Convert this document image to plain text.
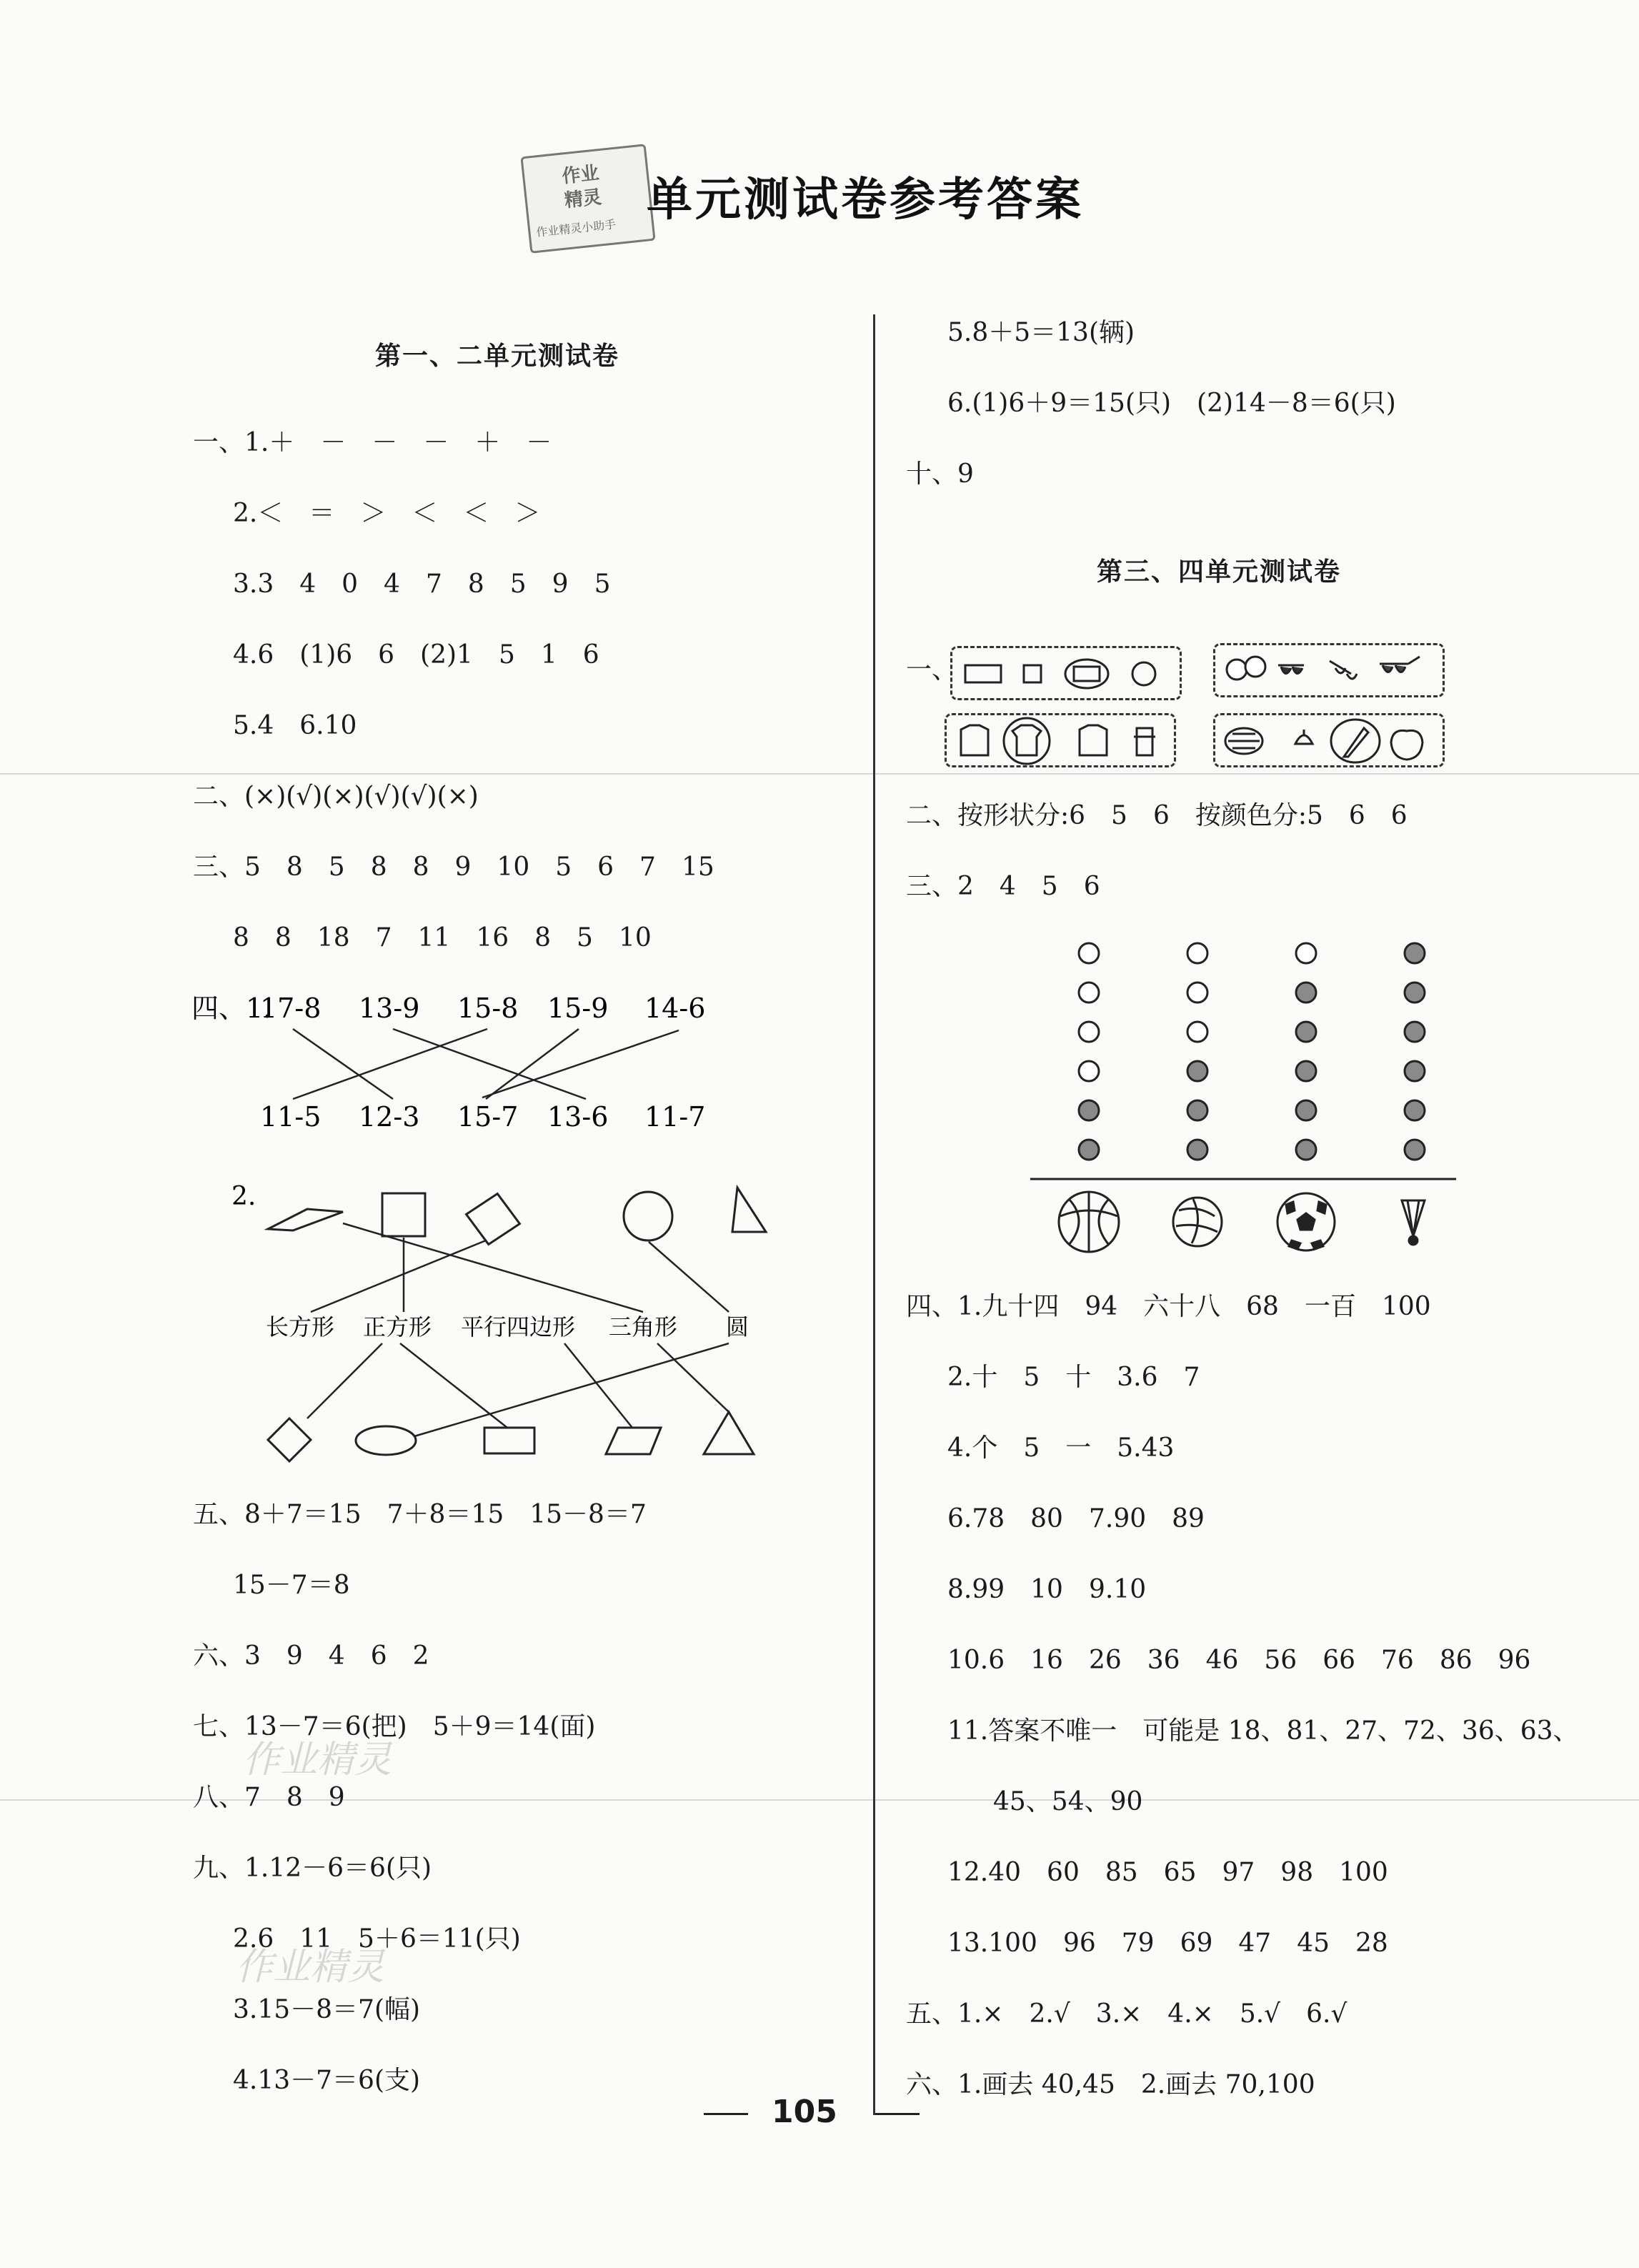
作业
精灵
作业精灵小助手
单元测试卷参考答案
第一、二单元测试卷
一、1.＋　－　－　－　＋　－
2.＜　＝　＞　＜　＜　＞
3.3　4　0　4　7　8　5　9　5
4.6　(1)6　6　(2)1　5　1　6
5.4　6.10
二、(×)(√)(×)(√)(√)(×)
三、5　8　5　8　8　9　10　5　6　7　15
8　8　18　7　11　16　8　5　10
四、1.
17-8 13-9 15-8 15-9 14-6
11-5 12-3 15-7 13-6 11-7
2.
长方形 正方形 平行四边形 三角形 圆
五、8＋7＝15　7＋8＝15　15－8＝7
15－7＝8
六、3　9　4　6　2
七、13－7＝6(把)　5＋9＝14(面)
八、7　8　9
九、1.12－6＝6(只)
2.6　11　5＋6＝11(只)
3.15－8＝7(幅)
4.13－7＝6(支)
作业精灵
作业精灵
5.8＋5＝13(辆)
6.(1)6＋9＝15(只)　(2)14－8＝6(只)
十、9
第三、四单元测试卷
一、
二、按形状分:6　5　6　按颜色分:5　6　6
三、2　4　5　6
四、1.九十四　94　六十八　68　一百　100
2.十　5　十　3.6　7
4.个　5　一　5.43
6.78　80　7.90　89
8.99　10　9.10
10.6　16　26　36　46　56　66　76　86　96
11.答案不唯一　可能是 18、81、27、72、36、63、
45、54、90
12.40　60　85　65　97　98　100
13.100　96　79　69　47　45　28
五、1.×　2.√　3.×　4.×　5.√　6.√
六、1.画去 40,45　2.画去 70,100
105
